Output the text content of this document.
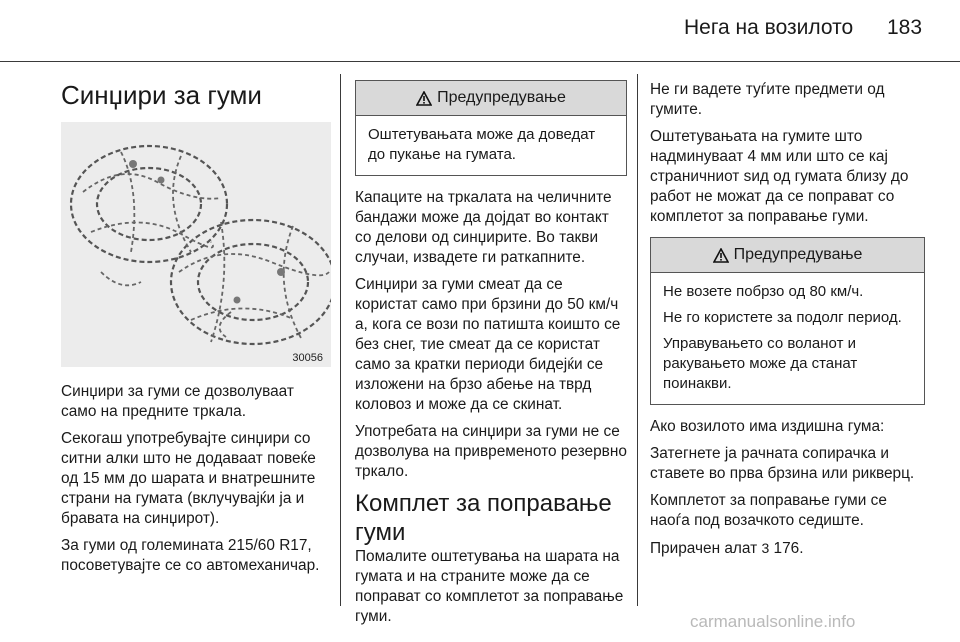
Нега на возилото 183
Синџири за гуми
30056

Синџири за гуми се дозволуваат само на предните тркала.

Секогаш употребувајте синџири со ситни алки што не додаваат повеќе од 15 мм до шарата и внатрешните страни на гумата (вклучувајќи ја и бравата на синџирот).

За гуми од големината 215/60 R17, посоветувајте се со автомеханичар.

Предупредување

Оштетувањата може да доведат до пукање на гумата.

Капаците на тркалата на челичните бандажи може да дојдат во контакт со делови од синџирите. Во такви случаи, извадете ги раткапните.

Синџири за гуми смеат да се користат само при брзини до 50 км/ч а, кога се вози по патишта коишто се без снег, тие смеат да се користат само за кратки периоди бидејќи се изложени на брзо абење на тврд коловоз и може да се скинат.

Употребата на синџири за гуми не се дозволува на привременото резервно тркало.

Комплет за поправање гуми

Помалите оштетувања на шарата на гумата и на страните може да се поправат со комплетот за поправање гуми.

Не ги вадете туѓите предмети од гумите.

Оштетувањата на гумите што надминуваат 4 мм или што се кај страничниот ѕид од гумата близу до работ не можат да се поправат со комплетот за поправање гуми.

Предупредување

Не возете побрзо од 80 км/ч.

Не го користете за подолг период.

Управувањето со воланот и ракувањето може да станат поинакви.

Ако возилото има издишна гума:

Затегнете ја рачната сопирачка и ставете во прва брзина или рикверц.

Комплетот за поправање гуми се наоѓа под возачкото седиште.

Прирачен алат 3 176.

carmanualsonline.info
